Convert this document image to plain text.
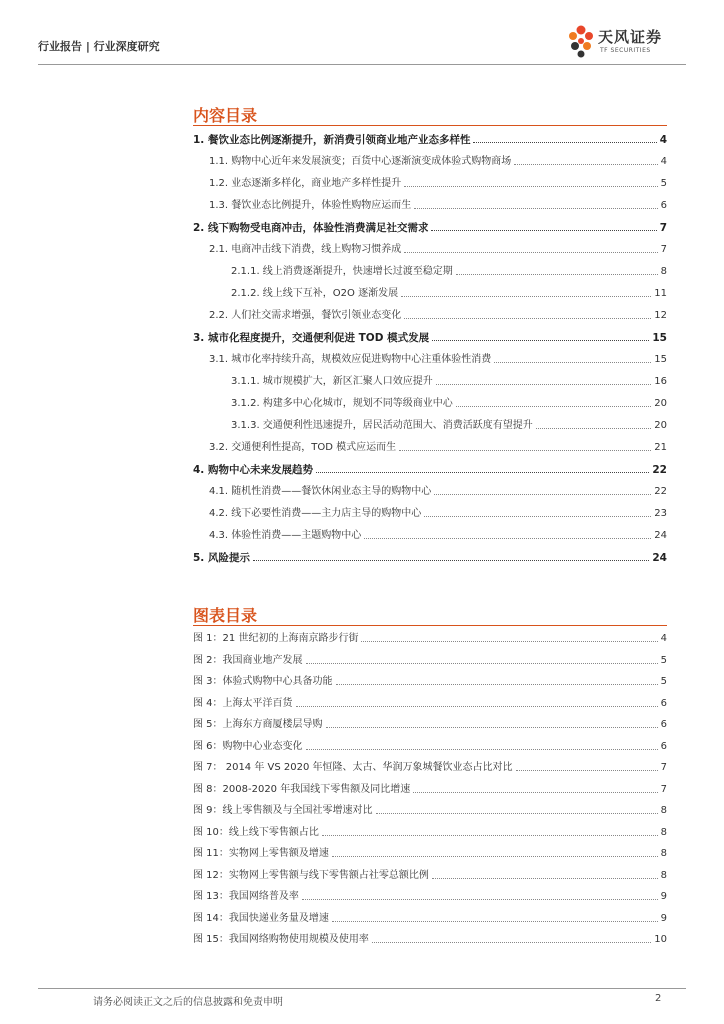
行业报告 | 行业深度研究
天风证券
TF SECURITIES
内容目录
1. 餐饮业态比例逐渐提升，新消费引领商业地产业态多样性	4
1.1. 购物中心近年来发展演变；百货中心逐渐演变成体验式购物商场	4
1.2. 业态逐渐多样化，商业地产多样性提升	5
1.3. 餐饮业态比例提升，体验性购物应运而生	6
2. 线下购物受电商冲击，体验性消费满足社交需求	7
2.1. 电商冲击线下消费，线上购物习惯养成	7
2.1.1. 线上消费逐渐提升，快速增长过渡至稳定期	8
2.1.2. 线上线下互补，O2O 逐渐发展	11
2.2. 人们社交需求增强，餐饮引领业态变化	12
3. 城市化程度提升，交通便利促进 TOD 模式发展	15
3.1. 城市化率持续升高，规模效应促进购物中心注重体验性消费	15
3.1.1. 城市规模扩大，新区汇聚人口效应提升	16
3.1.2. 构建多中心化城市，规划不同等级商业中心	20
3.1.3. 交通便利性迅速提升，居民活动范围大、消费活跃度有望提升	20
3.2. 交通便利性提高，TOD 模式应运而生	21
4. 购物中心未来发展趋势	22
4.1. 随机性消费——餐饮休闲业态主导的购物中心	22
4.2. 线下必要性消费——主力店主导的购物中心	23
4.3. 体验性消费——主题购物中心	24
5. 风险提示	24
图表目录
图 1：21 世纪初的上海南京路步行街	4
图 2：我国商业地产发展	5
图 3：体验式购物中心具备功能	5
图 4：上海太平洋百货	6
图 5：上海东方商厦楼层导购	6
图 6：购物中心业态变化	6
图 7： 2014 年 VS 2020 年恒隆、太古、华润万象城餐饮业态占比对比	7
图 8：2008-2020 年我国线下零售额及同比增速	7
图 9：线上零售额及与全国社零增速对比	8
图 10：线上线下零售额占比	8
图 11：实物网上零售额及增速	8
图 12：实物网上零售额与线下零售额占社零总额比例	8
图 13：我国网络普及率	9
图 14：我国快递业务量及增速	9
图 15：我国网络购物使用规模及使用率	10
请务必阅读正文之后的信息披露和免责申明	2
